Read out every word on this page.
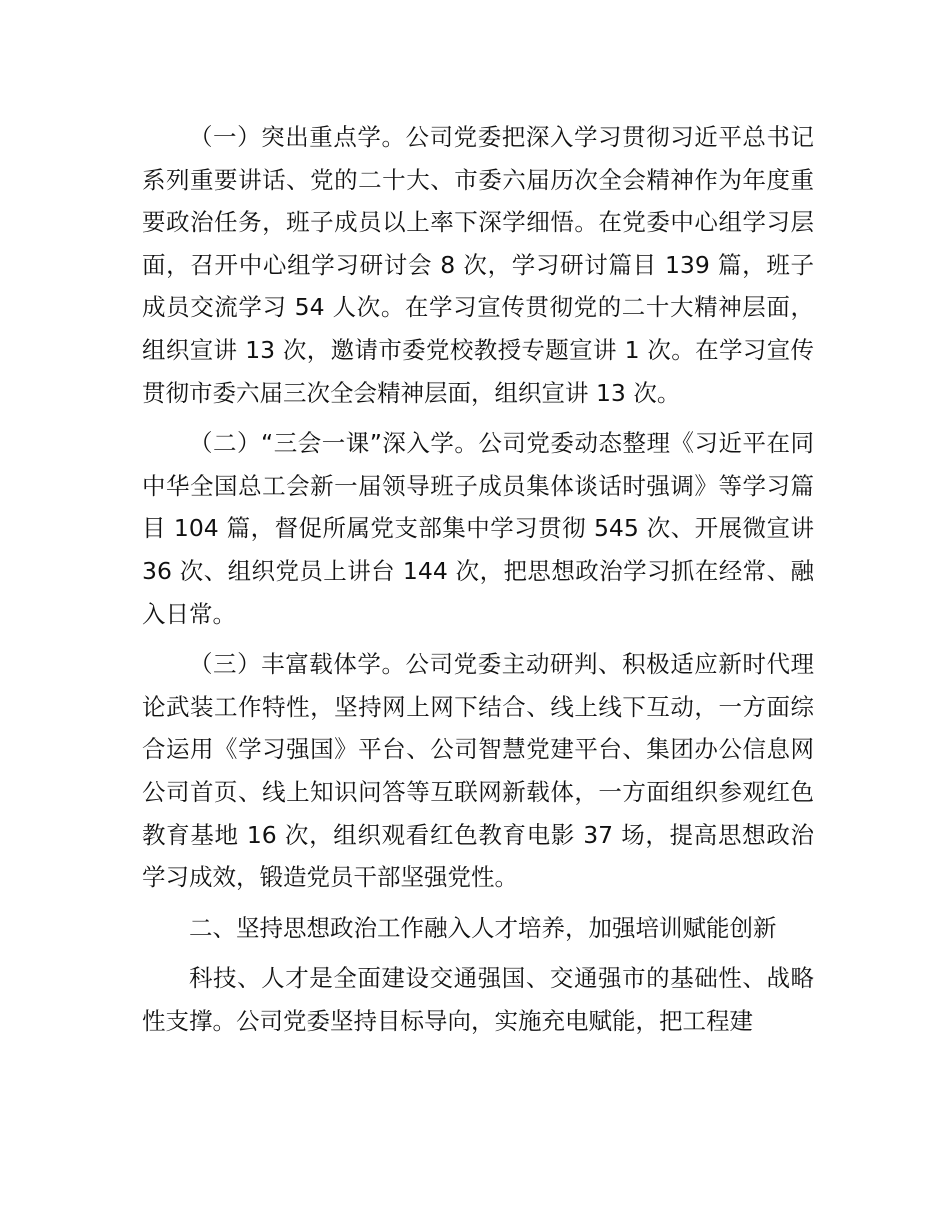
（一）突出重点学。公司党委把深入学习贯彻习近平总书记系列重要讲话、党的二十大、市委六届历次全会精神作为年度重要政治任务，班子成员以上率下深学细悟。在党委中心组学习层面，召开中心组学习研讨会 8 次，学习研讨篇目 139 篇，班子成员交流学习 54 人次。在学习宣传贯彻党的二十大精神层面，组织宣讲 13 次，邀请市委党校教授专题宣讲 1 次。在学习宣传贯彻市委六届三次全会精神层面，组织宣讲 13 次。

（二）“三会一课”深入学。公司党委动态整理《习近平在同中华全国总工会新一届领导班子成员集体谈话时强调》等学习篇目 104 篇，督促所属党支部集中学习贯彻 545 次、开展微宣讲 36 次、组织党员上讲台 144 次，把思想政治学习抓在经常、融入日常。

（三）丰富载体学。公司党委主动研判、积极适应新时代理论武装工作特性，坚持网上网下结合、线上线下互动，一方面综合运用《学习强国》平台、公司智慧党建平台、集团办公信息网公司首页、线上知识问答等互联网新载体，一方面组织参观红色教育基地 16 次，组织观看红色教育电影 37 场，提高思想政治学习成效，锻造党员干部坚强党性。

二、坚持思想政治工作融入人才培养，加强培训赋能创新

科技、人才是全面建设交通强国、交通强市的基础性、战略性支撑。公司党委坚持目标导向，实施充电赋能，把工程建
